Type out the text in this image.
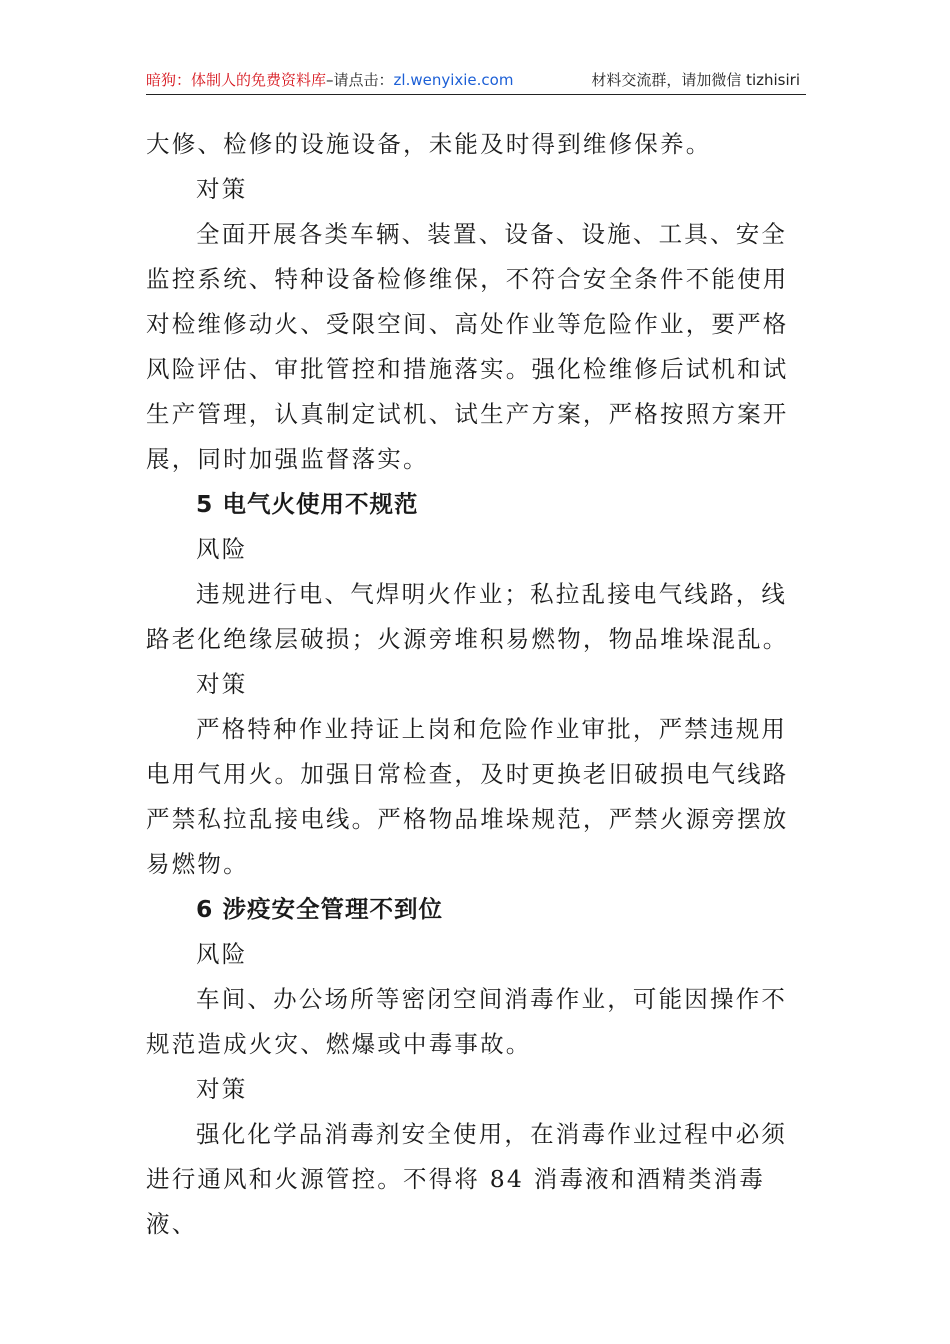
暗狗：体制人的免费资料库–请点击：zl.wenyixie.com	材料交流群，请加微信 tizhisiri

大修、检修的设施设备，未能及时得到维修保养。

对策

全面开展各类车辆、装置、设备、设施、工具、安全监控系统、特种设备检修维保，不符合安全条件不能使用对检维修动火、受限空间、高处作业等危险作业，要严格风险评估、审批管控和措施落实。强化检维修后试机和试生产管理，认真制定试机、试生产方案，严格按照方案开展，同时加强监督落实。

5 电气火使用不规范

风险

违规进行电、气焊明火作业；私拉乱接电气线路，线路老化绝缘层破损；火源旁堆积易燃物，物品堆垛混乱。

对策

严格特种作业持证上岗和危险作业审批，严禁违规用电用气用火。加强日常检查，及时更换老旧破损电气线路严禁私拉乱接电线。严格物品堆垛规范，严禁火源旁摆放易燃物。

6 涉疫安全管理不到位

风险

车间、办公场所等密闭空间消毒作业，可能因操作不规范造成火灾、燃爆或中毒事故。

对策

强化化学品消毒剂安全使用，在消毒作业过程中必须进行通风和火源管控。不得将 84 消毒液和酒精类消毒液、
